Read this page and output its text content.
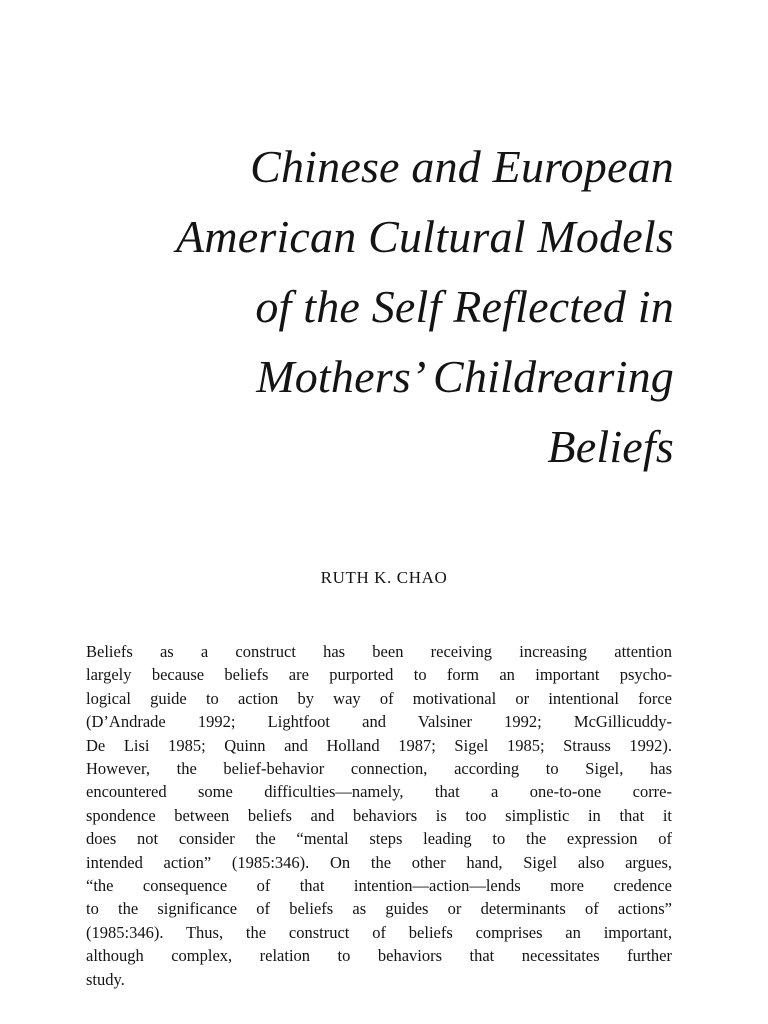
Chinese and European
American Cultural Models
of the Self Reflected in
Mothers’ Childrearing
Beliefs
RUTH K. CHAO
Beliefs as a construct has been receiving increasing attention
largely because beliefs are purported to form an important psycho-
logical guide to action by way of motivational or intentional force
(D’Andrade 1992; Lightfoot and Valsiner 1992; McGillicuddy-
De Lisi 1985; Quinn and Holland 1987; Sigel 1985; Strauss 1992).
However, the belief-behavior connection, according to Sigel, has
encountered some difficulties—namely, that a one-to-one corre-
spondence between beliefs and behaviors is too simplistic in that it
does not consider the “mental steps leading to the expression of
intended action” (1985:346). On the other hand, Sigel also argues,
“the consequence of that intention—action—lends more credence
to the significance of beliefs as guides or determinants of actions”
(1985:346). Thus, the construct of beliefs comprises an important,
although complex, relation to behaviors that necessitates further
study.
